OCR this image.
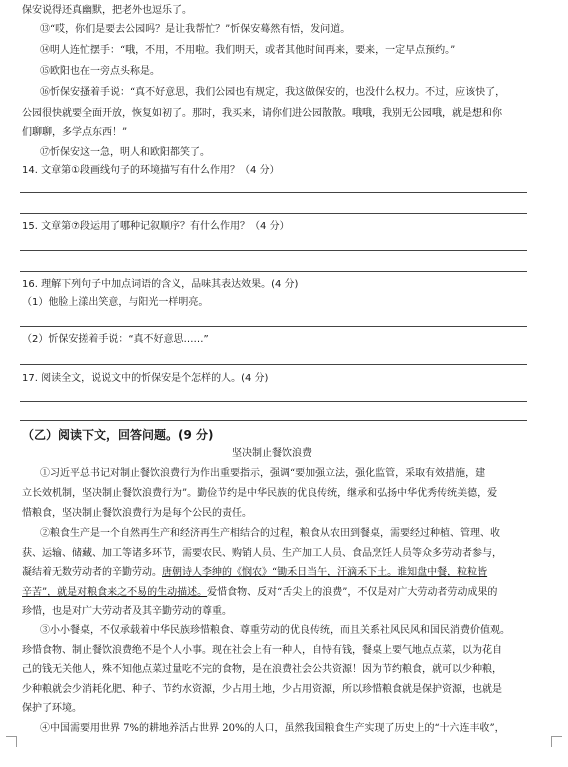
保安说得还真幽默，把老外也逗乐了。
⑬“哎，你们是要去公园吗？是让我帮忙？”忻保安蓦然有悟，发问道。
⑭明人连忙摆手：“哦，不用，不用啦。我们明天，或者其他时间再来，要来，一定早点预约。”
⑮欧阳也在一旁点头称是。
⑯忻保安搔着手说：“真不好意思，我们公园也有规定，我这做保安的，也没什么权力。不过，应该快了，
公园很快就要全面开放，恢复如初了。那时，我买来，请你们进公园散散。哦哦，我别无公园哦，就是想和你
们聊聊，多学点东西！”
⑰忻保安这一急，明人和欧阳都笑了。
14. 文章第①段画线句子的环境描写有什么作用？（4 分）
15. 文章第⑦段运用了哪种记叙顺序？有什么作用？（4 分）
16. 理解下列句子中加点词语的含义，品味其表达效果。(4 分)
（1）他脸上漾出笑意，与阳光一样明亮。
（2）忻保安搓着手说：“真不好意思……”
17. 阅读全文，说说文中的忻保安是个怎样的人。(4 分)
（乙）阅读下文，回答问题。(9 分)
坚决制止餐饮浪费
①习近平总书记对制止餐饮浪费行为作出重要指示，强调“要加强立法，强化监管，采取有效措施，建
立长效机制，坚决制止餐饮浪费行为”。勤俭节约是中华民族的优良传统，继承和弘扬中华优秀传统美德，爱
惜粮食，坚决制止餐饮浪费行为是每个公民的责任。
②粮食生产是一个自然再生产和经济再生产相结合的过程，粮食从农田到餐桌，需要经过种植、管理、收
获、运输、储藏、加工等诸多环节，需要农民、购销人员、生产加工人员、食品烹饪人员等众多劳动者参与，
凝结着无数劳动者的辛勤劳动。唐朝诗人李绅的《悯农》“锄禾日当午，汗滴禾下土。谁知盘中餐，粒粒皆
辛苦”，就是对粮食来之不易的生动描述。爱惜食物、反对“舌尖上的浪费”，不仅是对广大劳动者劳动成果的
珍惜，也是对广大劳动者及其辛勤劳动的尊重。
③小小餐桌，不仅承载着中华民族珍惜粮食、尊重劳动的优良传统，而且关系社风民风和国民消费价值观。
珍惜食物、制止餐饮浪费绝不是个人小事。现在社会上有一种人，自恃有钱，餐桌上要气地点点菜，以为花自
己的钱无关他人，殊不知他点菜过量吃不完的食物，是在浪费社会公共资源！因为节约粮食，就可以少种粮，
少种粮就会少消耗化肥、种子、节约水资源，少占用土地，少占用资源，所以珍惜粮食就是保护资源，也就是
保护了环境。
④中国需要用世界 7%的耕地养活占世界 20%的人口，虽然我国粮食生产实现了历史上的“十六连丰收”，
